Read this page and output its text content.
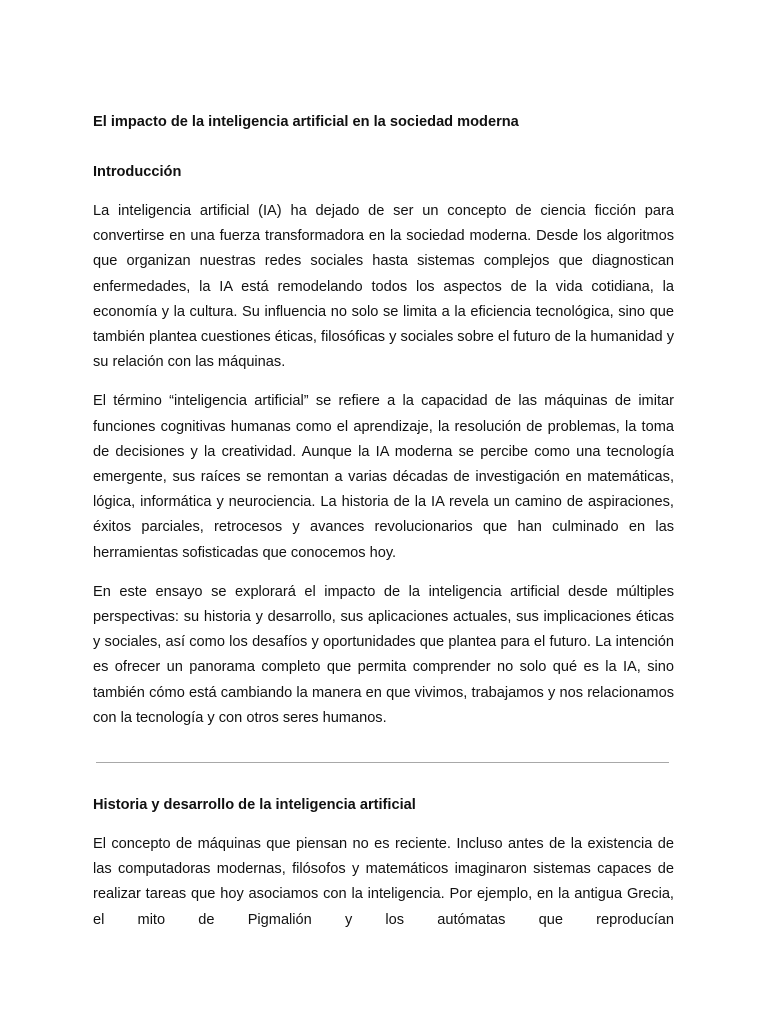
El impacto de la inteligencia artificial en la sociedad moderna

Introducción

La inteligencia artificial (IA) ha dejado de ser un concepto de ciencia ficción para convertirse en una fuerza transformadora en la sociedad moderna. Desde los algoritmos que organizan nuestras redes sociales hasta sistemas complejos que diagnostican enfermedades, la IA está remodelando todos los aspectos de la vida cotidiana, la economía y la cultura. Su influencia no solo se limita a la eficiencia tecnológica, sino que también plantea cuestiones éticas, filosóficas y sociales sobre el futuro de la humanidad y su relación con las máquinas.

El término “inteligencia artificial” se refiere a la capacidad de las máquinas de imitar funciones cognitivas humanas como el aprendizaje, la resolución de problemas, la toma de decisiones y la creatividad. Aunque la IA moderna se percibe como una tecnología emergente, sus raíces se remontan a varias décadas de investigación en matemáticas, lógica, informática y neurociencia. La historia de la IA revela un camino de aspiraciones, éxitos parciales, retrocesos y avances revolucionarios que han culminado en las herramientas sofisticadas que conocemos hoy.

En este ensayo se explorará el impacto de la inteligencia artificial desde múltiples perspectivas: su historia y desarrollo, sus aplicaciones actuales, sus implicaciones éticas y sociales, así como los desafíos y oportunidades que plantea para el futuro. La intención es ofrecer un panorama completo que permita comprender no solo qué es la IA, sino también cómo está cambiando la manera en que vivimos, trabajamos y nos relacionamos con la tecnología y con otros seres humanos.

Historia y desarrollo de la inteligencia artificial

El concepto de máquinas que piensan no es reciente. Incluso antes de la existencia de las computadoras modernas, filósofos y matemáticos imaginaron sistemas capaces de realizar tareas que hoy asociamos con la inteligencia. Por ejemplo, en la antigua Grecia, el mito de Pigmalión y los autómatas que reproducían
